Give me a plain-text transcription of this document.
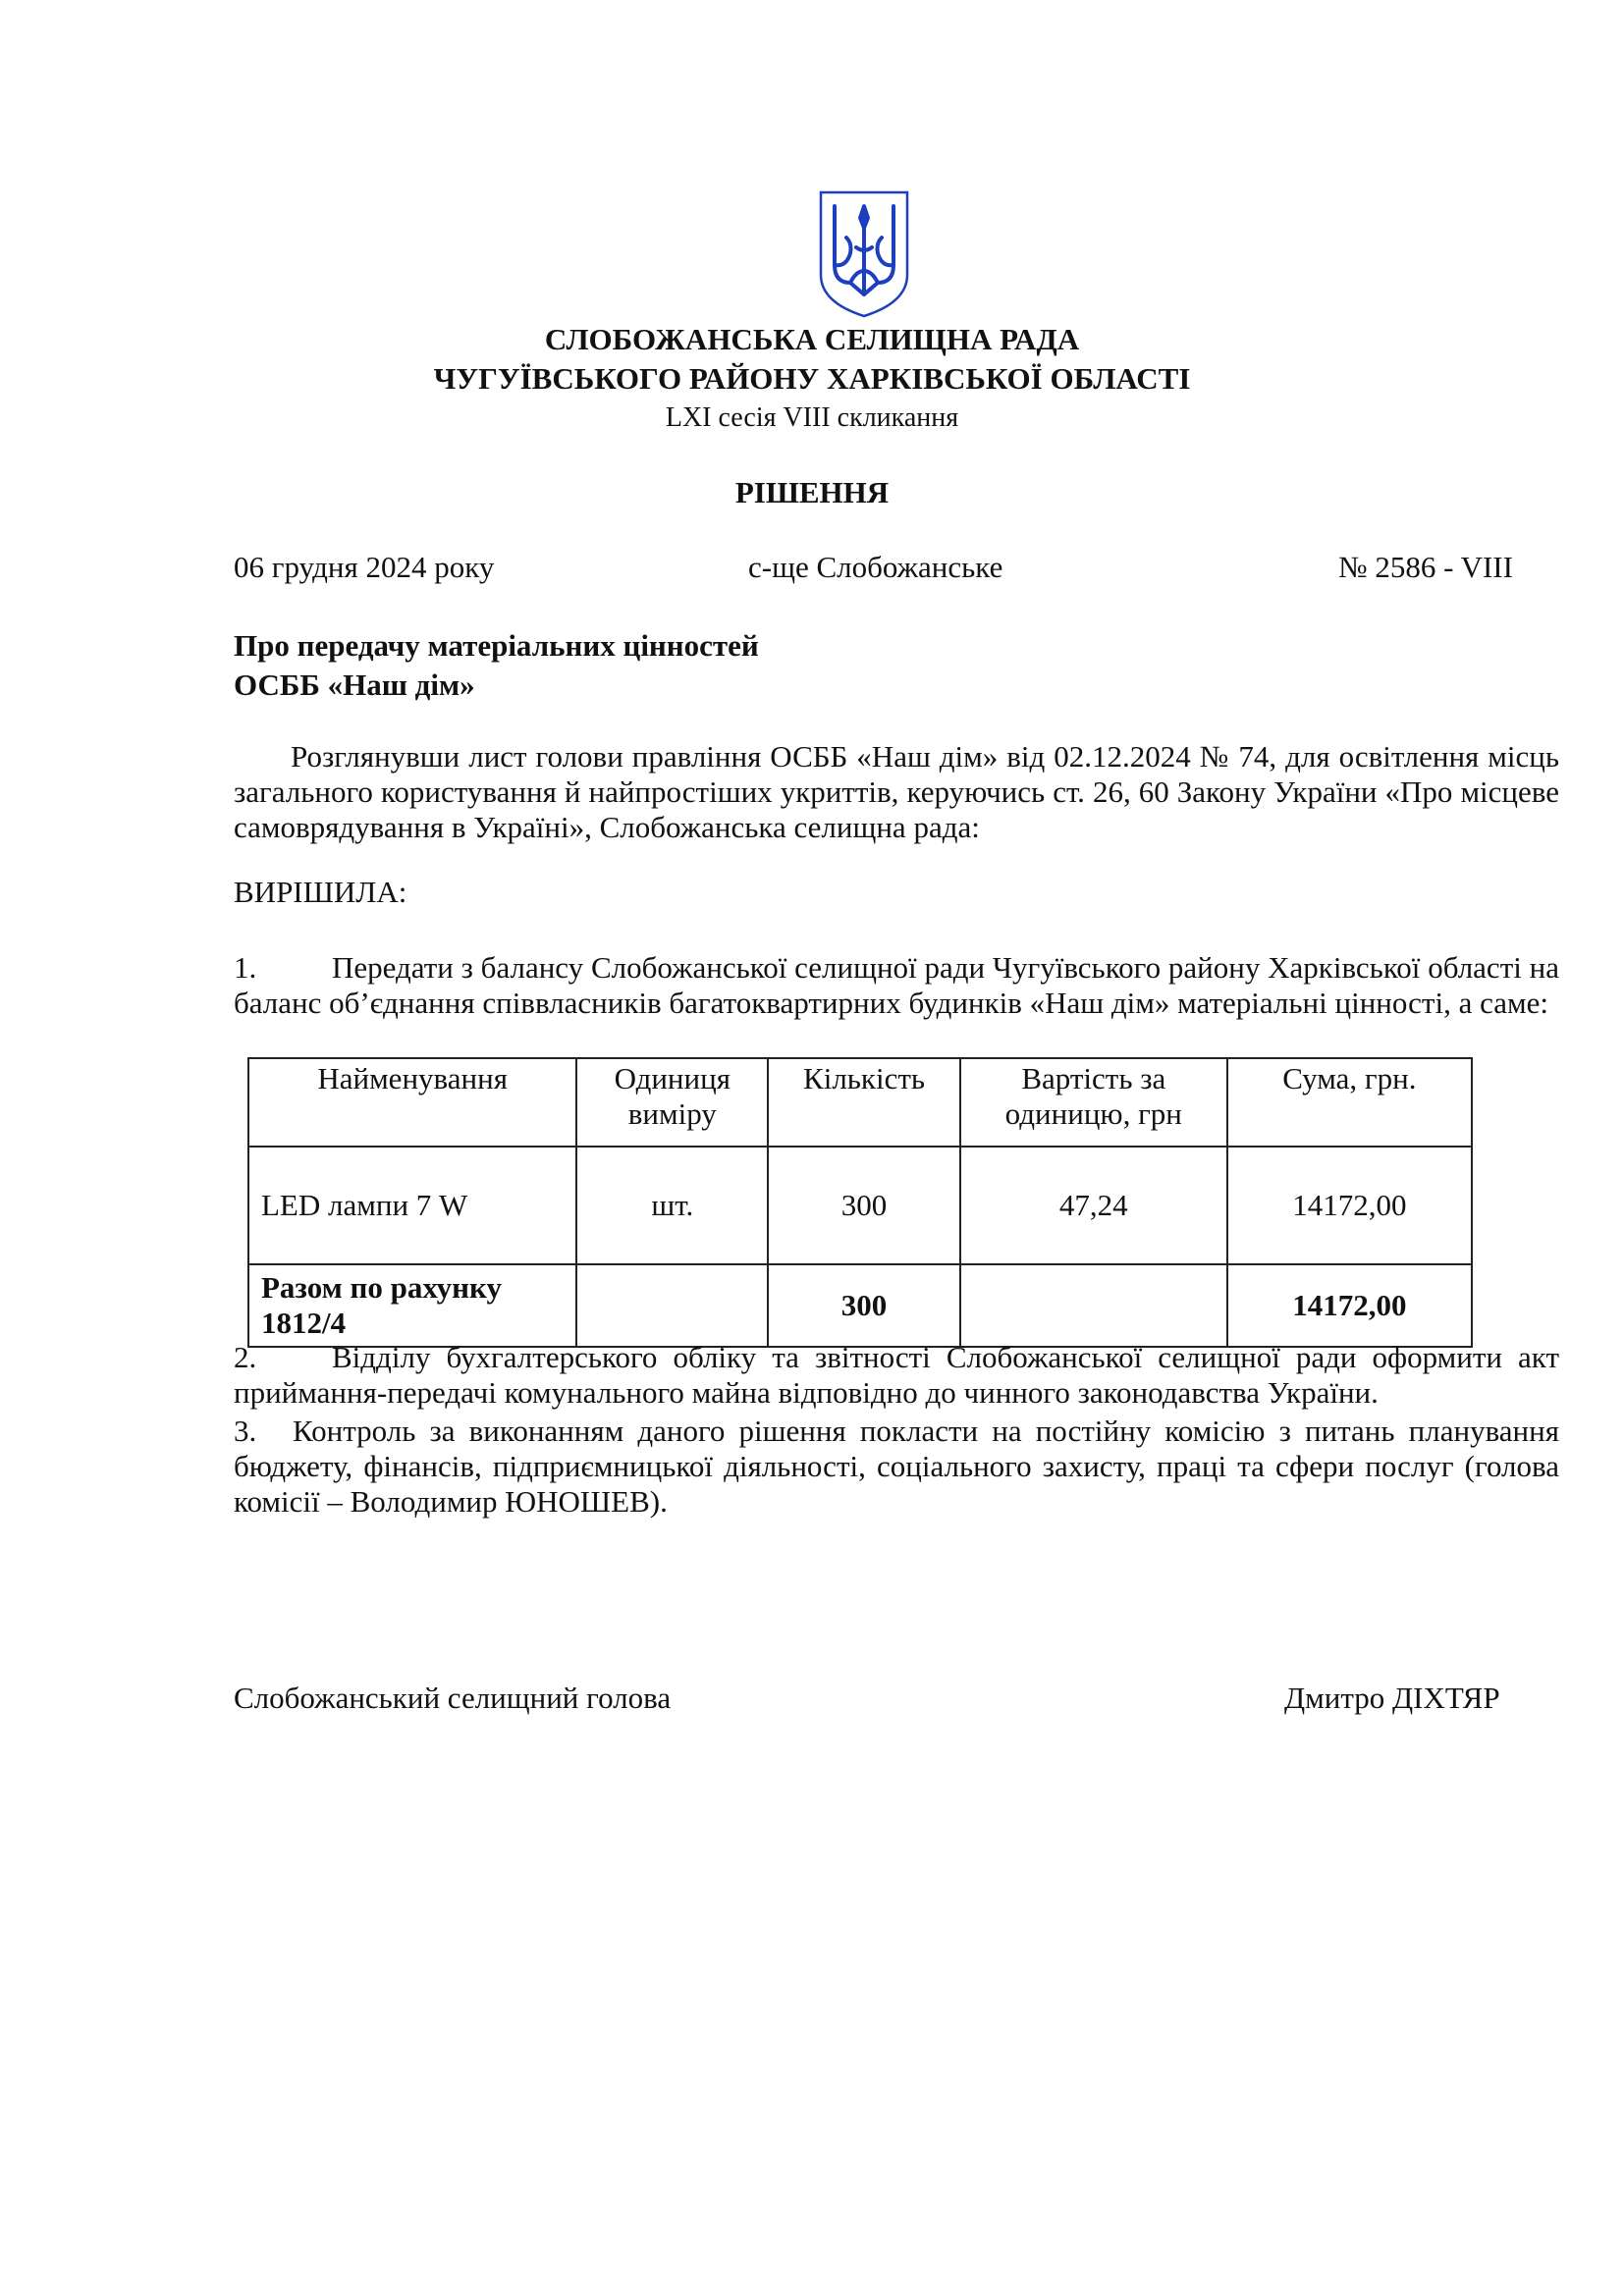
СЛОБОЖАНСЬКА СЕЛИЩНА РАДА
ЧУГУЇВСЬКОГО РАЙОНУ ХАРКІВСЬКОЇ ОБЛАСТІ
LXI сесія VIII скликання
РІШЕННЯ
06 грудня 2024 року	с-ще Слобожанське	№ 2586 - VIII
Про передачу матеріальних цінностей
ОСББ «Наш дім»
Розглянувши лист голови правління ОСББ «Наш дім» від 02.12.2024 № 74, для освітлення місць загального користування й найпростіших укриттів, керуючись ст. 26, 60 Закону України «Про місцеве самоврядування в Україні», Слобожанська селищна рада:
ВИРІШИЛА:
1. Передати з балансу Слобожанської селищної ради Чугуївського району Харківської області на баланс об’єднання співвласників багатоквартирних будинків «Наш дім» матеріальні цінності, а саме:
Найменування	Одиниця виміру	Кількість	Вартість за одиницю, грн	Сума, грн.
LED лампи 7 W	шт.	300	47,24	14172,00
Разом по рахунку 1812/4		300		14172,00
2. Відділу бухгалтерського обліку та звітності Слобожанської селищної ради оформити акт приймання-передачі комунального майна відповідно до чинного законодавства України.
3. Контроль за виконанням даного рішення покласти на постійну комісію з питань планування бюджету, фінансів, підприємницької діяльності, соціального захисту, праці та сфери послуг (голова комісії – Володимир ЮНОШЕВ).
Слобожанський селищний голова	Дмитро ДІХТЯР
